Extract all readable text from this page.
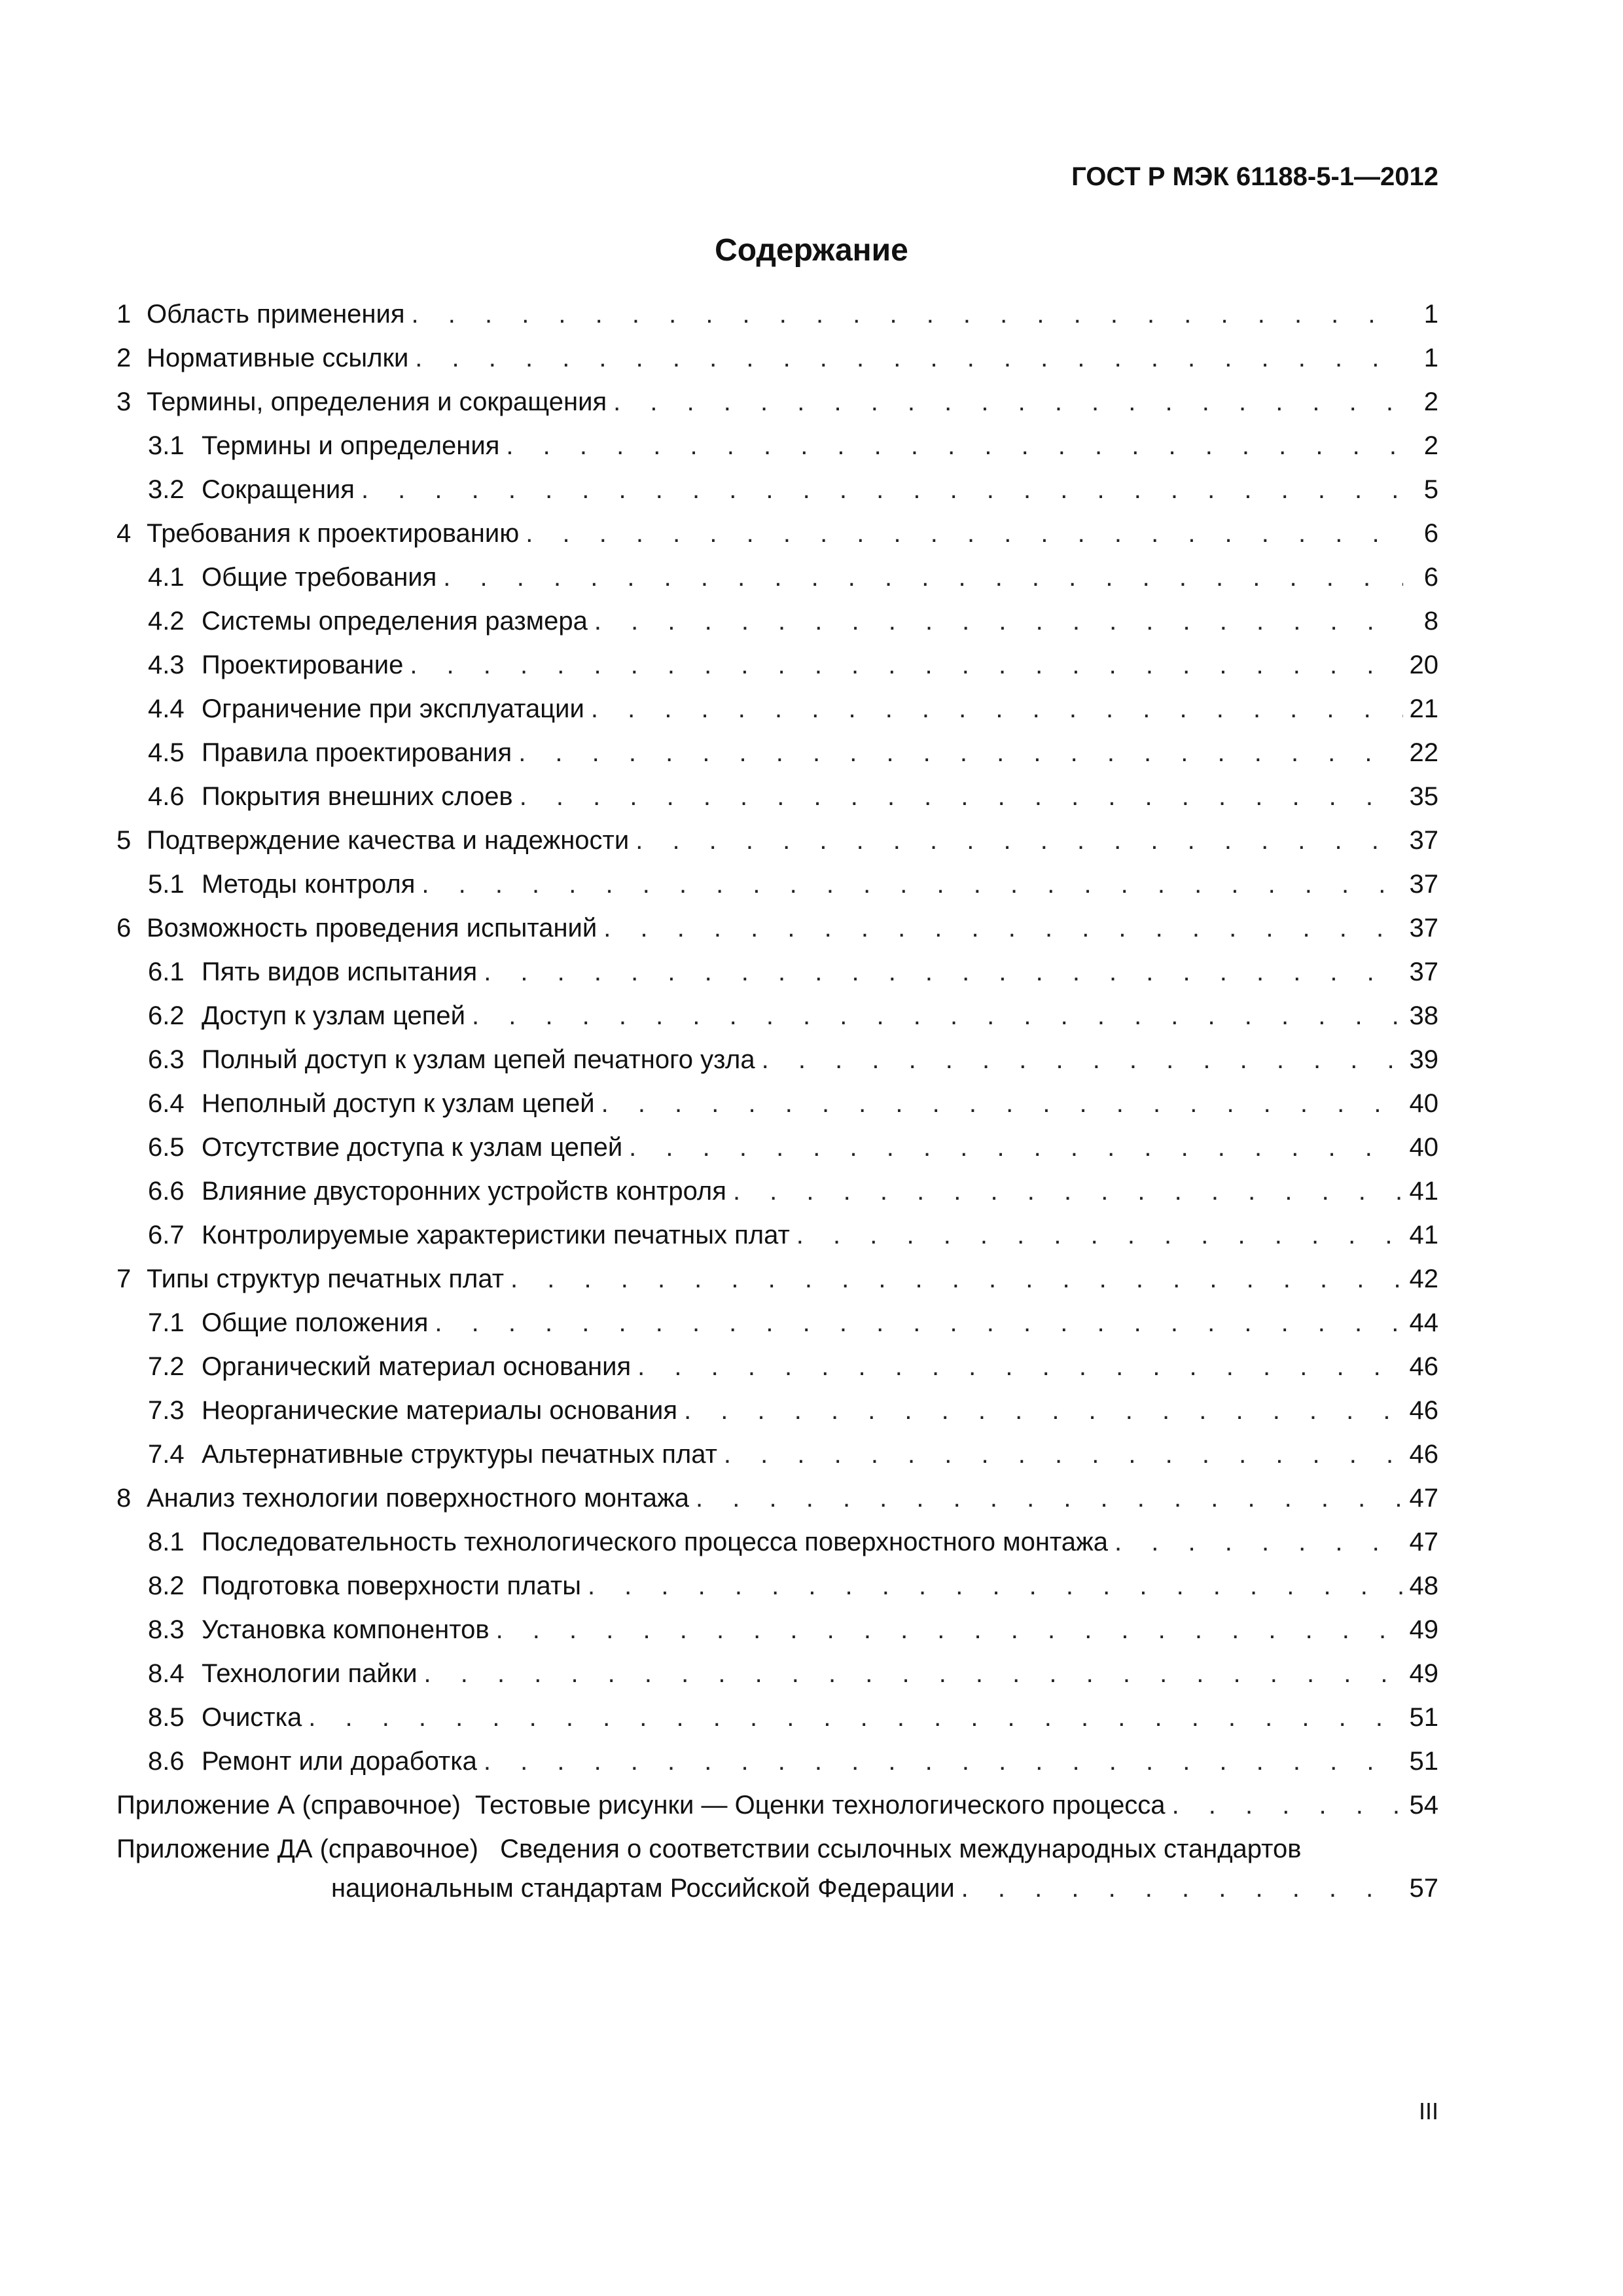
ГОСТ Р МЭК 61188-5-1—2012
Содержание
1 Область применения . . .	1
2 Нормативные ссылки . . .	1
3 Термины, определения и сокращения . . .	2
3.1 Термины и определения . . .	2
3.2 Сокращения . . .	5
4 Требования к проектированию . . .	6
4.1 Общие требования . . .	6
4.2 Системы определения размера . . .	8
4.3 Проектирование . . .	20
4.4 Ограничение при эксплуатации . . .	21
4.5 Правила проектирования . . .	22
4.6 Покрытия внешних слоев . . .	35
5 Подтверждение качества и надежности . . .	37
5.1 Методы контроля . . .	37
6 Возможность проведения испытаний . . .	37
6.1 Пять видов испытания . . .	37
6.2 Доступ к узлам цепей . . .	38
6.3 Полный доступ к узлам цепей печатного узла . . .	39
6.4 Неполный доступ к узлам цепей . . .	40
6.5 Отсутствие доступа к узлам цепей . . .	40
6.6 Влияние двусторонних устройств контроля . . .	41
6.7 Контролируемые характеристики печатных плат . . .	41
7 Типы структур печатных плат . . .	42
7.1 Общие положения . . .	44
7.2 Органический материал основания . . .	46
7.3 Неорганические материалы основания . . .	46
7.4 Альтернативные структуры печатных плат . . .	46
8 Анализ технологии поверхностного монтажа . . .	47
8.1 Последовательность технологического процесса поверхностного монтажа . . .	47
8.2 Подготовка поверхности платы . . .	48
8.3 Установка компонентов . . .	49
8.4 Технологии пайки . . .	49
8.5 Очистка . . .	51
8.6 Ремонт или доработка . . .	51
Приложение А (справочное) Тестовые рисунки — Оценки технологического процесса . . .	54
Приложение ДА (справочное) Сведения о соответствии ссылочных международных стандартов
национальным стандартам Российской Федерации . . .	57
III
